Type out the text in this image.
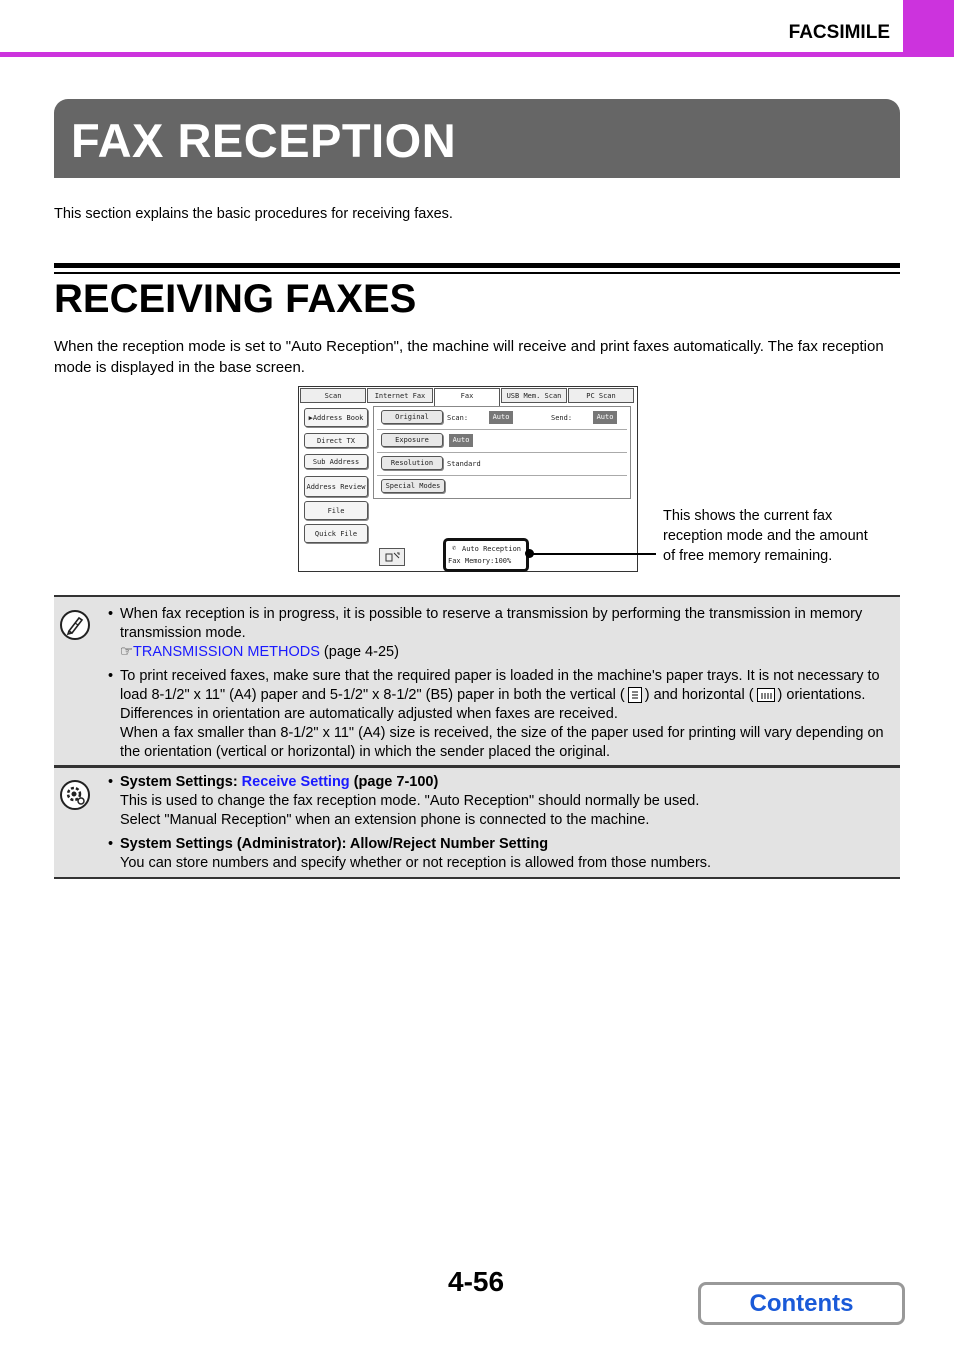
FACSIMILE
FAX RECEPTION
This section explains the basic procedures for receiving faxes.
RECEIVING FAXES
When the reception mode is set to "Auto Reception", the machine will receive and print faxes automatically. The fax reception mode is displayed in the base screen.
Scan	Internet Fax	Fax	USB Mem. Scan	PC Scan
▶Address Book
Direct TX
Sub Address
Address Review
File
Quick File
Original	Scan:	Auto	Send:	Auto
Exposure	Auto
Resolution	Standard
Special Modes
✆ Auto Reception
Fax Memory:100%
This shows the current fax reception mode and the amount of free memory remaining.
• When fax reception is in progress, it is possible to reserve a transmission by performing the transmission in memory transmission mode.
☞TRANSMISSION METHODS (page 4-25)
• To print received faxes, make sure that the required paper is loaded in the machine's paper trays. It is not necessary to load 8-1/2" x 11" (A4) paper and 5-1/2" x 8-1/2" (B5) paper in both the vertical ( ) and horizontal ( ) orientations. Differences in orientation are automatically adjusted when faxes are received.
When a fax smaller than 8-1/2" x 11" (A4) size is received, the size of the paper used for printing will vary depending on the orientation (vertical or horizontal) in which the sender placed the original.
• System Settings: Receive Setting (page 7-100)
This is used to change the fax reception mode. "Auto Reception" should normally be used.
Select "Manual Reception" when an extension phone is connected to the machine.
• System Settings (Administrator): Allow/Reject Number Setting
You can store numbers and specify whether or not reception is allowed from those numbers.
4-56
Contents
